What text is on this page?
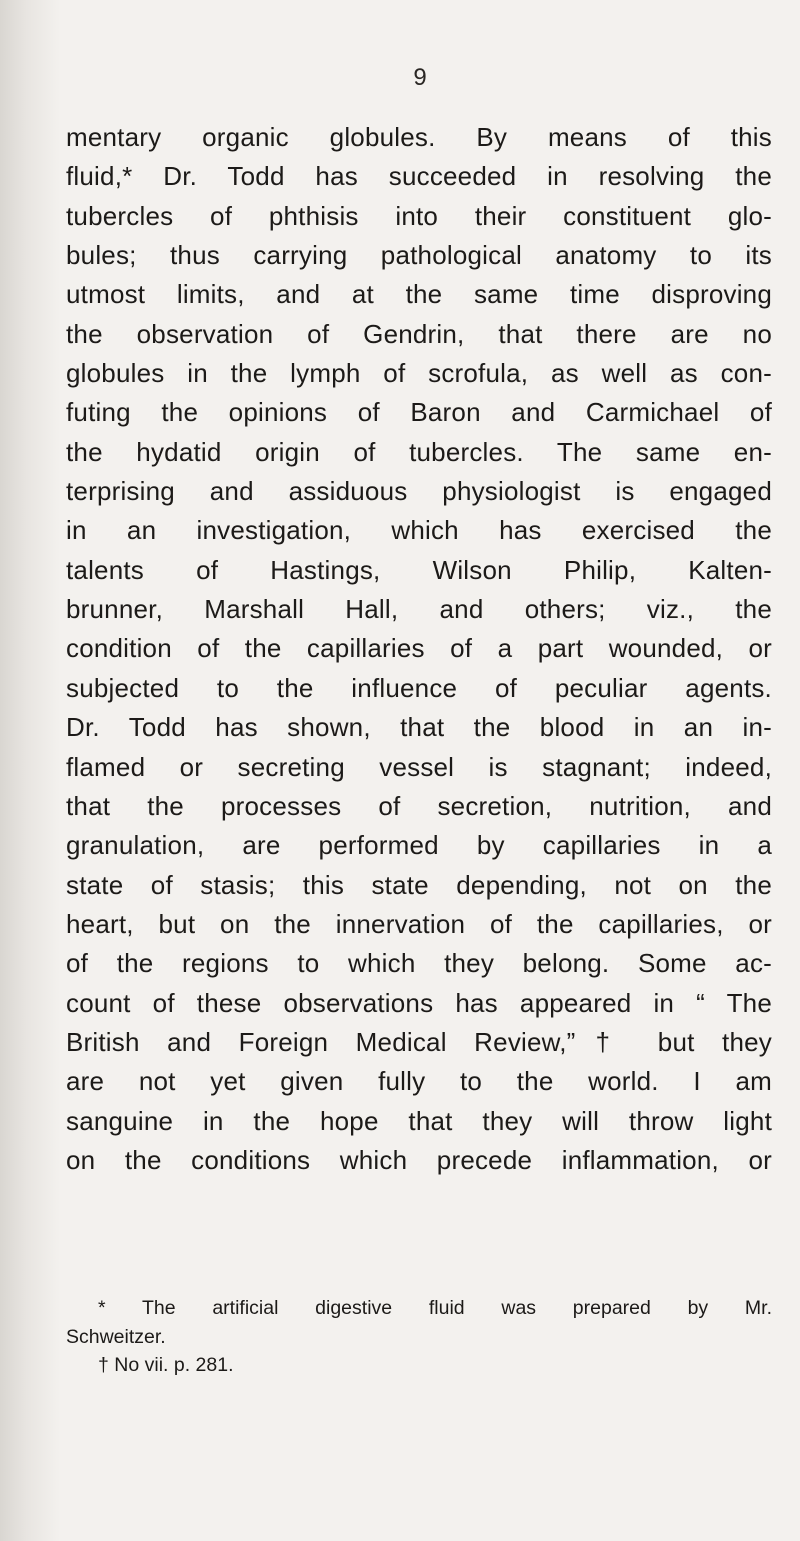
9
mentary organic globules. By means of this
fluid,* Dr. Todd has succeeded in resolving the
tubercles of phthisis into their constituent glo-
bules; thus carrying pathological anatomy to its
utmost limits, and at the same time disproving
the observation of Gendrin, that there are no
globules in the lymph of scrofula, as well as con-
futing the opinions of Baron and Carmichael of
the hydatid origin of tubercles. The same en-
terprising and assiduous physiologist is engaged
in an investigation, which has exercised the
talents of Hastings, Wilson Philip, Kalten-
brunner, Marshall Hall, and others; viz., the
condition of the capillaries of a part wounded, or
subjected to the influence of peculiar agents.
Dr. Todd has shown, that the blood in an in-
flamed or secreting vessel is stagnant; indeed,
that the processes of secretion, nutrition, and
granulation, are performed by capillaries in a
state of stasis; this state depending, not on the
heart, but on the innervation of the capillaries, or
of the regions to which they belong. Some ac-
count of these observations has appeared in “ The
British and Foreign Medical Review,”† but they
are not yet given fully to the world. I am
sanguine in the hope that they will throw light
on the conditions which precede inflammation, or
* The artificial digestive fluid was prepared by Mr.
Schweitzer.
† No vii. p. 281.
